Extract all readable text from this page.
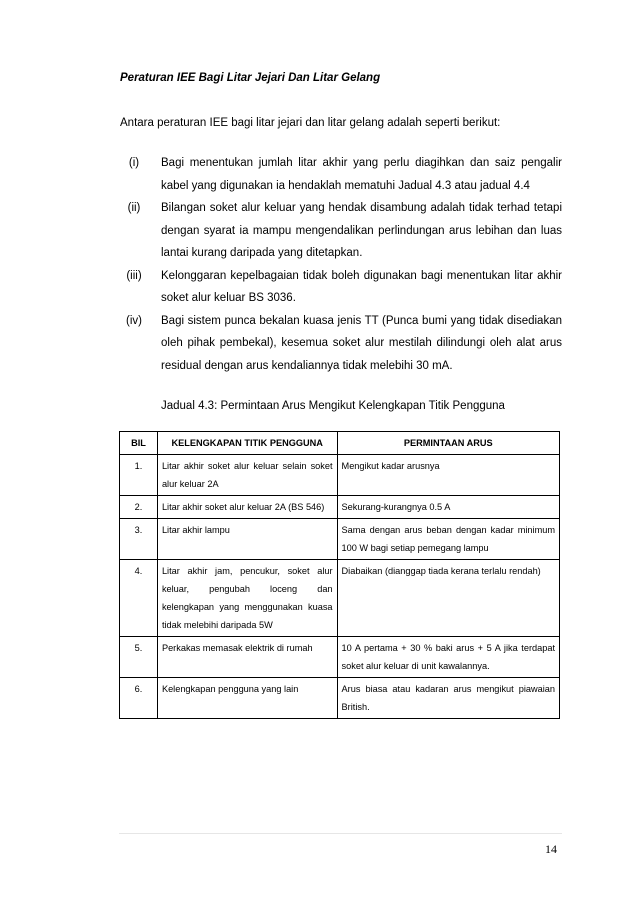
Peraturan IEE Bagi Litar Jejari Dan Litar Gelang
Antara peraturan IEE bagi litar jejari dan litar gelang adalah seperti berikut:
(i)	Bagi menentukan jumlah litar akhir yang perlu diagihkan dan saiz pengalir kabel yang digunakan ia hendaklah mematuhi Jadual 4.3 atau jadual 4.4
(ii)	Bilangan soket alur keluar yang hendak disambung adalah tidak terhad tetapi dengan syarat ia mampu mengendalikan perlindungan arus lebihan dan luas lantai kurang daripada yang ditetapkan.
(iii)	Kelonggaran kepelbagaian tidak boleh digunakan bagi menentukan litar akhir soket alur keluar BS 3036.
(iv)	Bagi sistem punca bekalan kuasa jenis TT (Punca bumi yang tidak disediakan oleh pihak pembekal), kesemua soket alur mestilah dilindungi oleh alat arus residual dengan arus kendaliannya tidak melebihi 30 mA.
Jadual 4.3: Permintaan Arus Mengikut Kelengkapan Titik Pengguna
BIL	KELENGKAPAN TITIK PENGGUNA	PERMINTAAN ARUS
1.	Litar akhir soket alur keluar selain soket alur keluar 2A	Mengikut kadar arusnya
2.	Litar akhir soket alur keluar 2A (BS 546)	Sekurang-kurangnya 0.5 A
3.	Litar akhir lampu	Sama dengan arus beban dengan kadar minimum 100 W bagi setiap pemegang lampu
4.	Litar akhir jam, pencukur, soket alur keluar, pengubah loceng dan kelengkapan yang menggunakan kuasa tidak melebihi daripada 5W	Diabaikan (dianggap tiada kerana terlalu rendah)
5.	Perkakas memasak elektrik di rumah	10 A pertama + 30 % baki arus + 5 A jika terdapat soket alur keluar di unit kawalannya.
6.	Kelengkapan pengguna yang lain	Arus biasa atau kadaran arus mengikut piawaian British.
14
